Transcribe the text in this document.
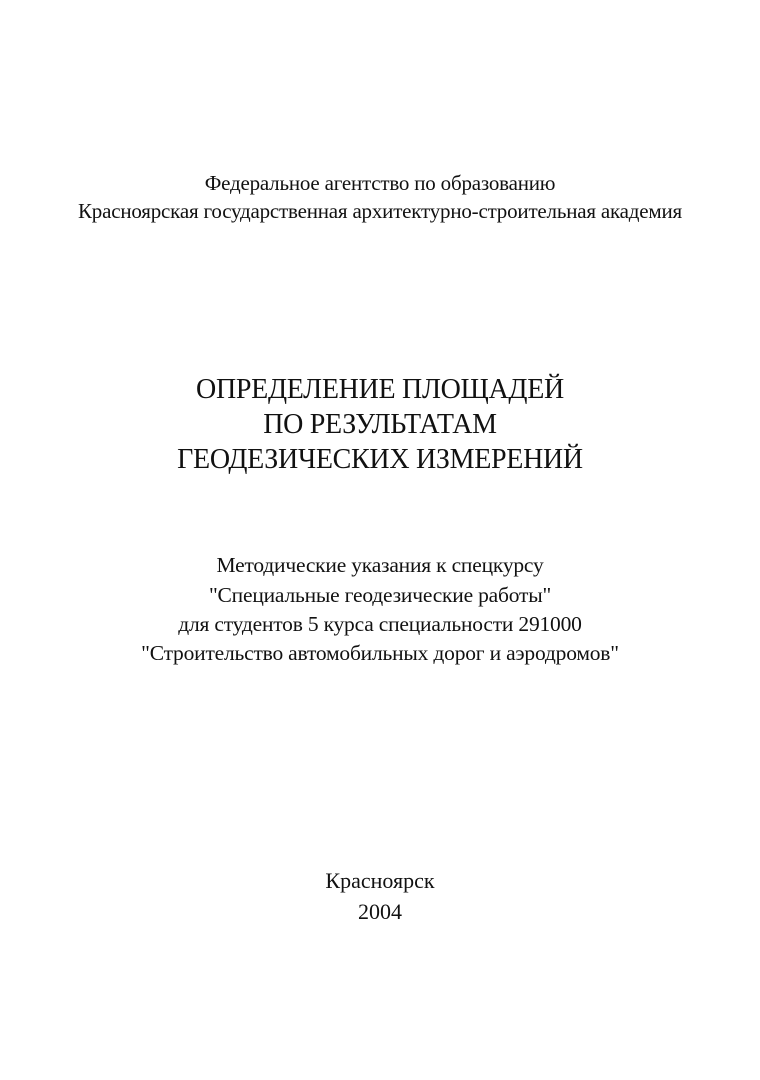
Федеральное агентство по образованию
Красноярская государственная архитектурно-строительная академия
ОПРЕДЕЛЕНИЕ ПЛОЩАДЕЙ
ПО РЕЗУЛЬТАТАМ
ГЕОДЕЗИЧЕСКИХ ИЗМЕРЕНИЙ
Методические указания к спецкурсу
"Специальные геодезические работы"
для студентов 5 курса специальности 291000
"Строительство автомобильных дорог и аэродромов"
Красноярск
2004
